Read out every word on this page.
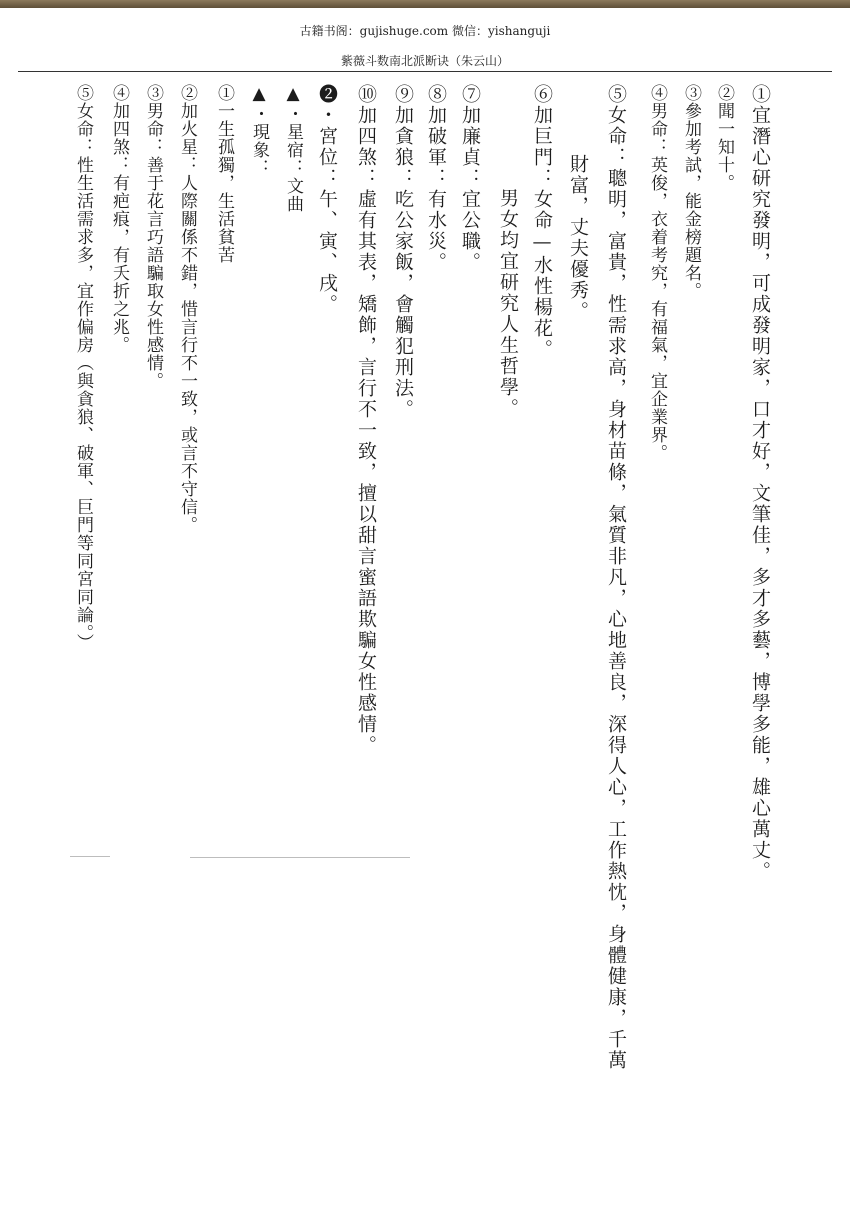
古籍书阁：gujishuge.com 微信：yishanguji
紫薇斗数南北派断诀（朱云山）
①宜潛心研究發明，可成發明家，口才好，文筆佳，多才多藝，博學多能，雄心萬丈。
②聞一知十。
③參加考試，能金榜題名。
④男命：英俊，衣着考究，有福氣，宜企業界。
⑤女命：聰明，富貴，性需求高，身材苗條，氣質非凡，心地善良，深得人心，工作熱忱，身體健康，千萬
財富，丈夫優秀。
⑥加巨門：女命—水性楊花。
男女均宜研究人生哲學。
⑦加廉貞：宜公職。
⑧加破軍：有水災。
⑨加貪狼：吃公家飯，會觸犯刑法。
⑩加四煞：虛有其表，矯飾，言行不一致，擅以甜言蜜語欺騙女性感情。
❷・宮位：午、寅、戌。
▲・星宿：文曲
▲・現象：
①一生孤獨，生活貧苦
②加火星：人際關係不錯，惜言行不一致，或言不守信。
③男命：善于花言巧語騙取女性感情。
④加四煞：有疤痕，有夭折之兆。
⑤女命：性生活需求多，宜作偏房（與貪狼、破軍、巨門等同宮同論。）
